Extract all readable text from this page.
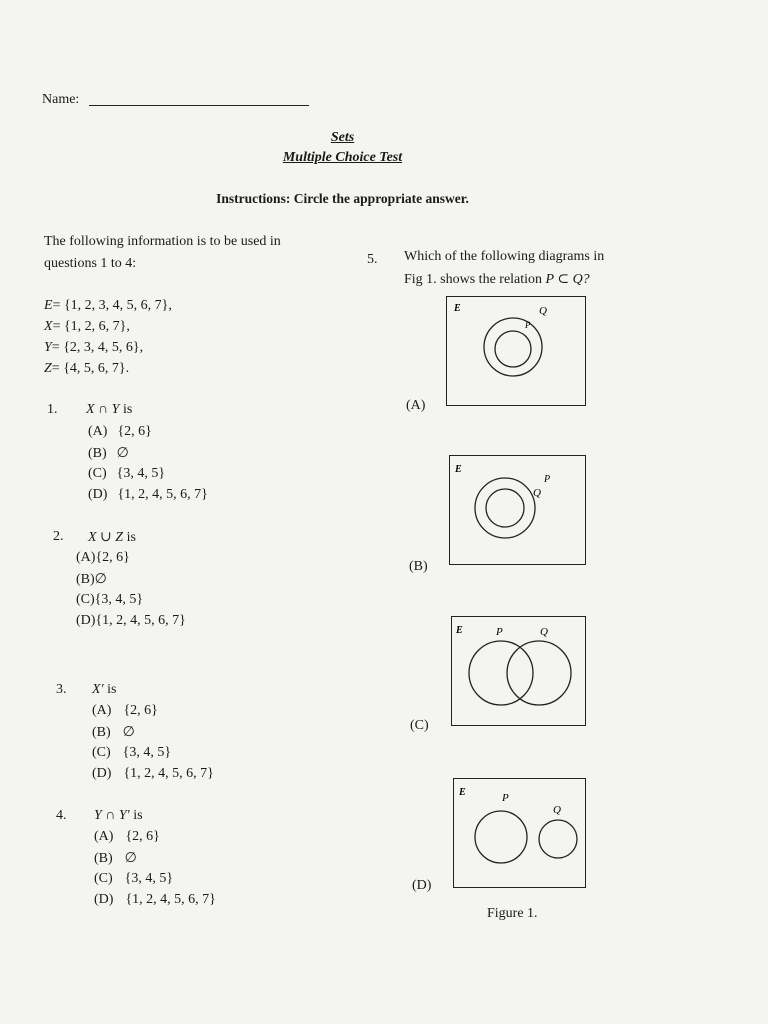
Name:
Sets
Multiple Choice Test
Instructions: Circle the appropriate answer.
The following information is to be used in
questions 1 to 4:
E= {1, 2, 3, 4, 5, 6, 7},
X= {1, 2, 6, 7},
Y= {2, 3, 4, 5, 6},
Z= {4, 5, 6, 7}.
1. X ∩ Y is
(A) {2, 6}
(B) ∅
(C) {3, 4, 5}
(D) {1, 2, 4, 5, 6, 7}
2. X ∪ Z is
(A){2, 6}
(B)∅
(C){3, 4, 5}
(D){1, 2, 4, 5, 6, 7}
3. X′ is
(A) {2, 6}
(B) ∅
(C) {3, 4, 5}
(D) {1, 2, 4, 5, 6, 7}
4. Y ∩ Y′ is
(A) {2, 6}
(B) ∅
(C) {3, 4, 5}
(D) {1, 2, 4, 5, 6, 7}
5. Which of the following diagrams in
Fig 1. shows the relation P ⊂ Q?
E	Q
P
(A)
E
P
Q
(B)
E	P	Q
(C)
E	P
Q
(D)
Figure 1.
